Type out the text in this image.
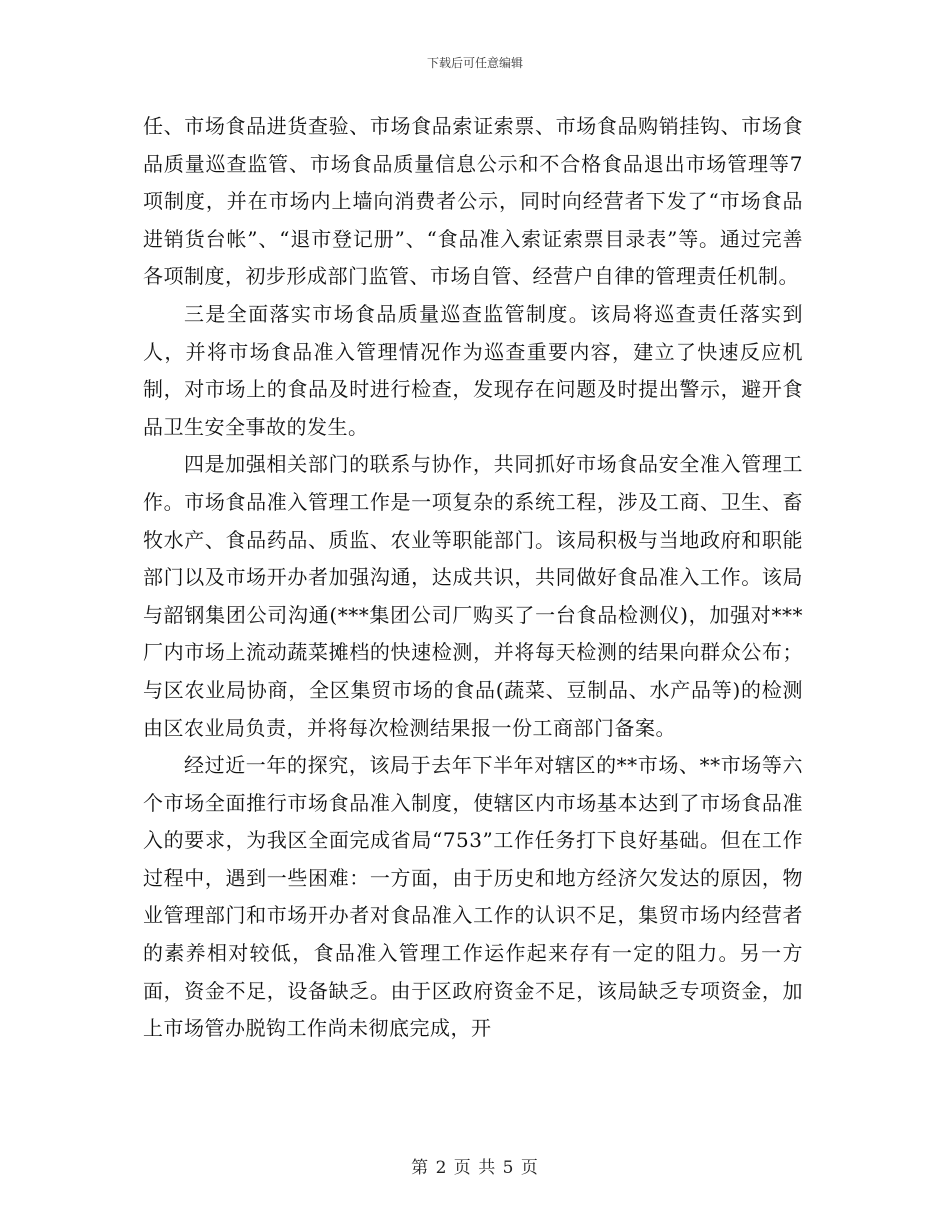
下载后可任意编辑

任、市场食品进货查验、市场食品索证索票、市场食品购销挂钩、市场食品质量巡查监管、市场食品质量信息公示和不合格食品退出市场管理等7项制度，并在市场内上墙向消费者公示，同时向经营者下发了“市场食品进销货台帐”、“退市登记册”、“食品准入索证索票目录表”等。通过完善各项制度，初步形成部门监管、市场自管、经营户自律的管理责任机制。

三是全面落实市场食品质量巡查监管制度。该局将巡查责任落实到人，并将市场食品准入管理情况作为巡查重要内容，建立了快速反应机制，对市场上的食品及时进行检查，发现存在问题及时提出警示，避开食品卫生安全事故的发生。

四是加强相关部门的联系与协作，共同抓好市场食品安全准入管理工作。市场食品准入管理工作是一项复杂的系统工程，涉及工商、卫生、畜牧水产、食品药品、质监、农业等职能部门。该局积极与当地政府和职能部门以及市场开办者加强沟通，达成共识，共同做好食品准入工作。该局与韶钢集团公司沟通(***集团公司厂购买了一台食品检测仪)，加强对***厂内市场上流动蔬菜摊档的快速检测，并将每天检测的结果向群众公布；与区农业局协商，全区集贸市场的食品(蔬菜、豆制品、水产品等)的检测由区农业局负责，并将每次检测结果报一份工商部门备案。

经过近一年的探究，该局于去年下半年对辖区的**市场、**市场等六个市场全面推行市场食品准入制度，使辖区内市场基本达到了市场食品准入的要求，为我区全面完成省局“753”工作任务打下良好基础。但在工作过程中，遇到一些困难：一方面，由于历史和地方经济欠发达的原因，物业管理部门和市场开办者对食品准入工作的认识不足，集贸市场内经营者的素养相对较低，食品准入管理工作运作起来存有一定的阻力。另一方面，资金不足，设备缺乏。由于区政府资金不足，该局缺乏专项资金，加上市场管办脱钩工作尚未彻底完成，开

第 2 页 共 5 页
